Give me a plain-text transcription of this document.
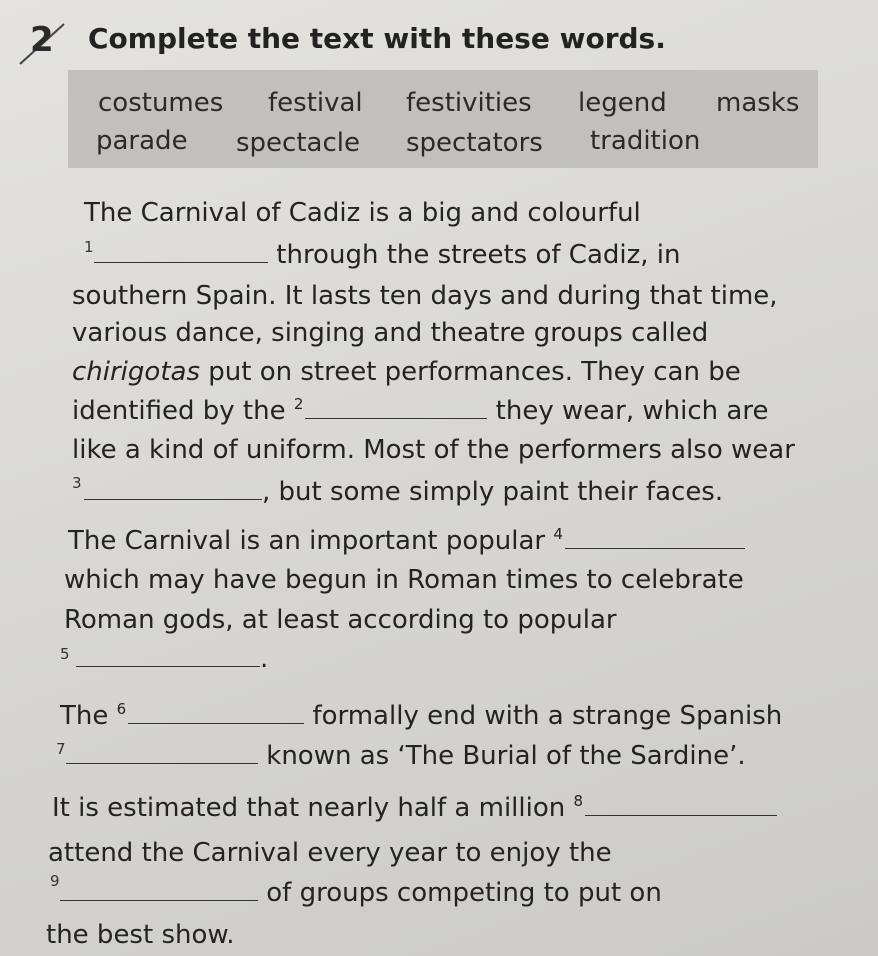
2 Complete the text with these words.
costumes festival festivities legend masks
parade spectacle spectators tradition
The Carnival of Cadiz is a big and colourful
1	through the streets of Cadiz, in
southern Spain. It lasts ten days and during that time,
various dance, singing and theatre groups called
chirigotas put on street performances. They can be
identified by the $^2$	they wear, which are
like a kind of uniform. Most of the performers also wear
3	, but some simply paint their faces.
The Carnival is an important popular $^4$
which may have begun in Roman times to celebrate
Roman gods, at least according to popular
5	.
The $^6$	formally end with a strange Spanish
7	known as ‘The Burial of the Sardine’.
It is estimated that nearly half a million $^8$
attend the Carnival every year to enjoy the
9	of groups competing to put on
the best show.
